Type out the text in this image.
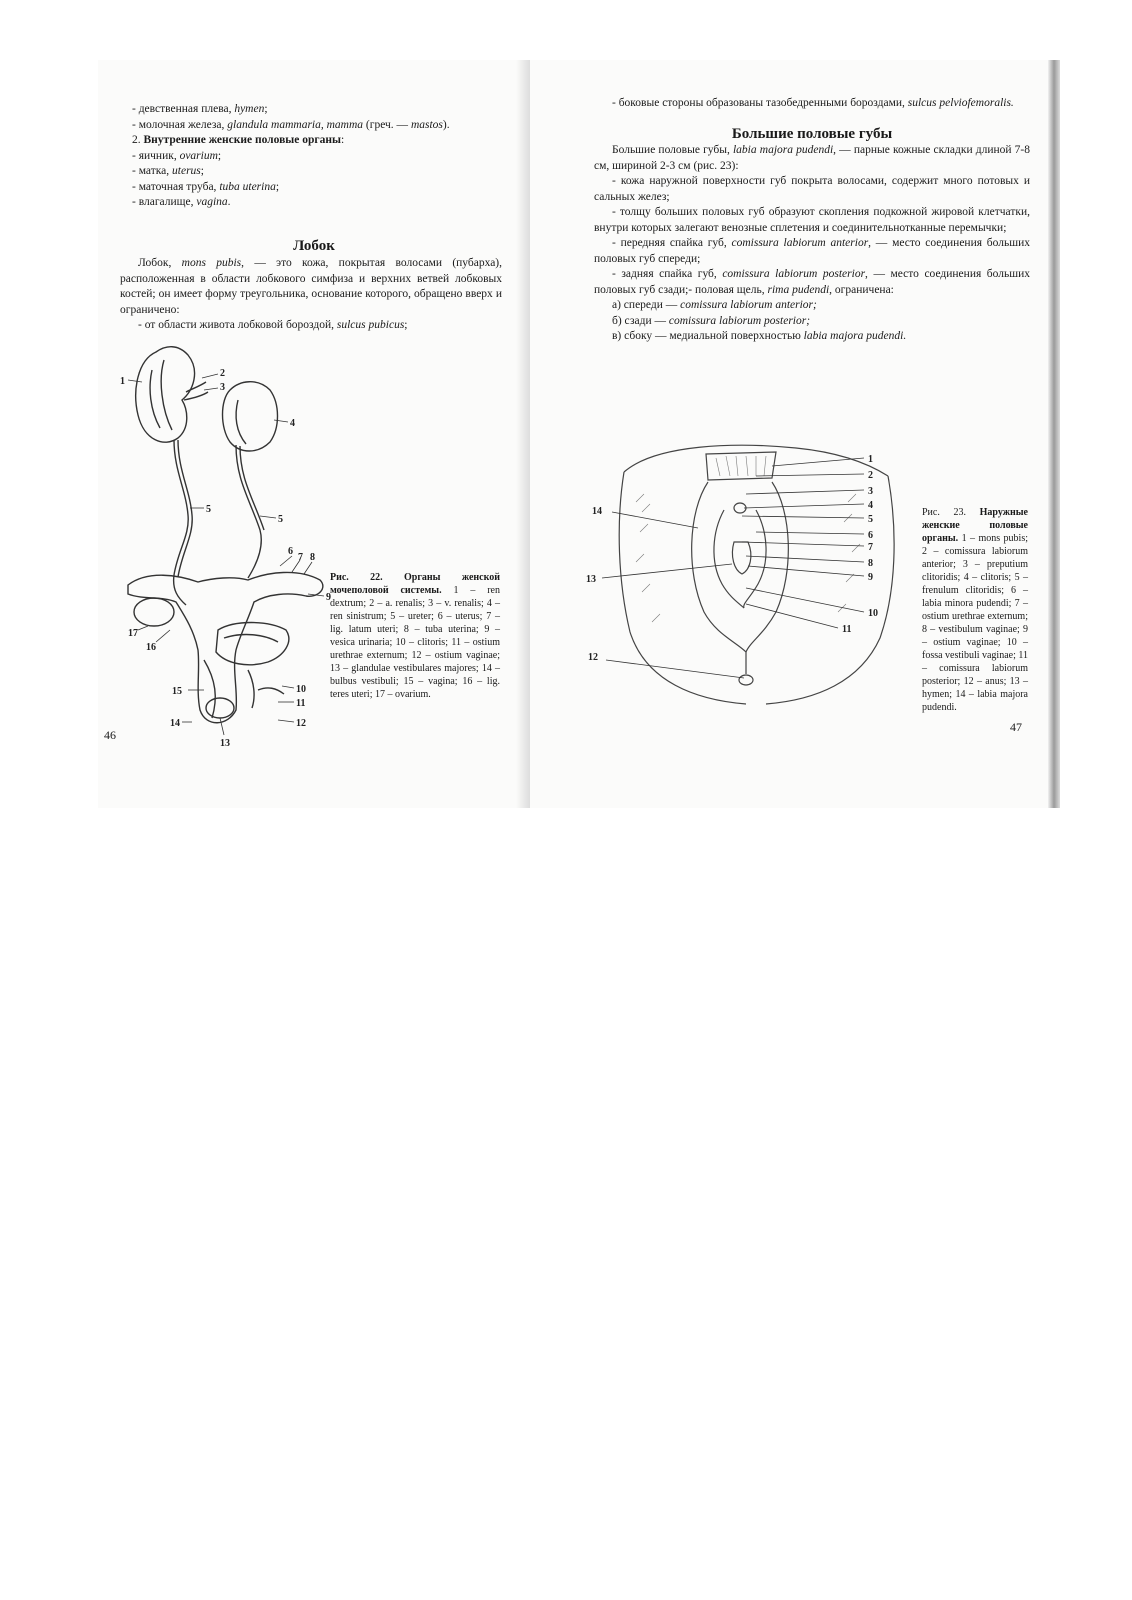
- девственная плева, hymen;

- молочная железа, glandula mammaria, mamma (греч. — mastos).

2. Внутренние женские половые органы:

- яичник, ovarium;

- матка, uterus;

- маточная труба, tuba uterina;

- влагалище, vagina.

Лобок

Лобок, mons pubis, — это кожа, покрытая волосами (пубарха), расположенная в области лобкового симфиза и верхних ветвей лобковых костей; он имеет форму треугольника, основание которого, обращено вверх и ограничено:

- от области живота лобковой бороздой, sulcus pubicus;

1
2
3
4
5
5
6
7 8
9
10
11
12
13
14
15
16
17
Рис. 22. Органы женской мочеполовой системы. 1 – ren dextrum; 2 – a. renalis; 3 – v. renalis; 4 – ren sinistrum; 5 – ureter; 6 – uterus; 7 – lig. latum uteri; 8 – tuba uterina; 9 – vesica urinaria; 10 – clitoris; 11 – ostium urethrae externum; 12 – ostium vaginae; 13 – glandulae vestibulares majores; 14 – bulbus vestibuli; 15 – vagina; 16 – lig. teres uteri; 17 – ovarium.
46

- боковые стороны образованы тазобедренными бороздами, sulcus pelviofemoralis.

Большие половые губы

Большие половые губы, labia majora pudendi, — парные кожные складки длиной 7-8 см, шириной 2-3 см (рис. 23):

- кожа наружной поверхности губ покрыта волосами, содержит много потовых и сальных желез;

- толщу больших половых губ образуют скопления подкожной жировой клетчатки, внутри которых залегают венозные сплетения и соединительнотканные перемычки;

- передняя спайка губ, comissura labiorum anterior, — место соединения больших половых губ спереди;

- задняя спайка губ, comissura labiorum posterior, — место соединения больших половых губ сзади;- половая щель, rima pudendi, ограничена:

а) спереди — comissura labiorum anterior;

б) сзади — comissura labiorum posterior;

в) сбоку — медиальной поверхностью labia majora pudendi.

1
2
3
4
5
6
7
8
9
10
11
12
13
14	Рис. 23. Наружные женские половые органы. 1 – mons pubis; 2 – comissura labiorum anterior; 3 – preputium clitoridis; 4 – clitoris; 5 – frenulum clitoridis; 6 – labia minora pudendi; 7 – ostium urethrae externum; 8 – vestibulum vaginae; 9 – ostium vaginae; 10 – fossa vestibuli vaginae; 11 – comissura labiorum posterior; 12 – anus; 13 – hymen; 14 – labia majora pudendi.
47
